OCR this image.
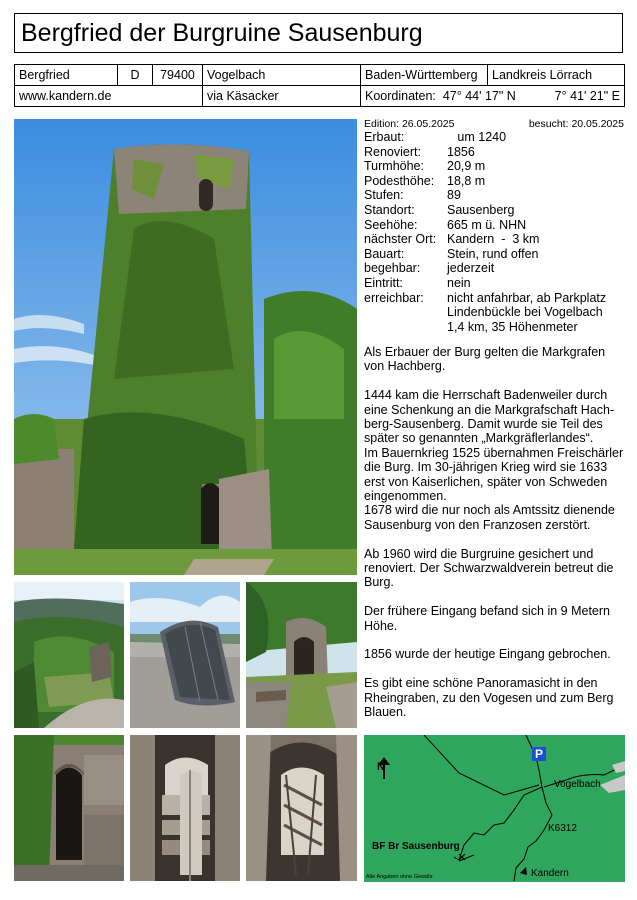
Bergfried der Burgruine Sausenburg
Bergfried	D	79400	Vogelbach	Baden-Württemberg	Landkreis Lörrach
www.kandern.de			via Käsacker	Koordinaten: 47° 44' 17" N 7° 41' 21" E	
Edition: 26.05.2025	besucht: 20.05.2025
Erbaut:	um 1240
Renoviert:	1856
Turmhöhe:	20,9 m
Podesthöhe:	18,8 m
Stufen:	89
Standort:	Sausenberg
Seehöhe:	665 m ü. NHN
nächster Ort: Kandern  -  3 km
Bauart:	Stein, rund offen
begehbar:	jederzeit
Eintritt:	nein
erreichbar:	nicht anfahrbar, ab Parkplatz
Lindenbückle bei Vogelbach
1,4 km, 35 Höhenmeter

Als Erbauer der Burg gelten die Markgrafen
von Hachberg.

1444 kam die Herrschaft Badenweiler durch
eine Schenkung an die Markgrafschaft Hach-
berg-Sausenberg. Damit wurde sie Teil des
später so genannten „Markgräflerlandes“.
Im Bauernkrieg 1525 übernahmen Freischärler
die Burg. Im 30-jährigen Krieg wird sie 1633
erst von Kaiserlichen, später von Schweden
eingenommen.
1678 wird die nur noch als Amtssitz dienende
Sausenburg von den Franzosen zerstört.

Ab 1960 wird die Burgruine gesichert und
renoviert. Der Schwarzwaldverein betreut die
Burg.

Der frühere Eingang befand sich in 9 Metern
Höhe.

1856 wurde der heutige Eingang gebrochen.

Es gibt eine schöne Panoramasicht in den
Rheingraben, zu den Vogesen und zum Berg
Blauen.

N
P
Vogelbach
K6312
BF Br Sausenburg
Kandern
Alle Angaben ohne Gewähr
